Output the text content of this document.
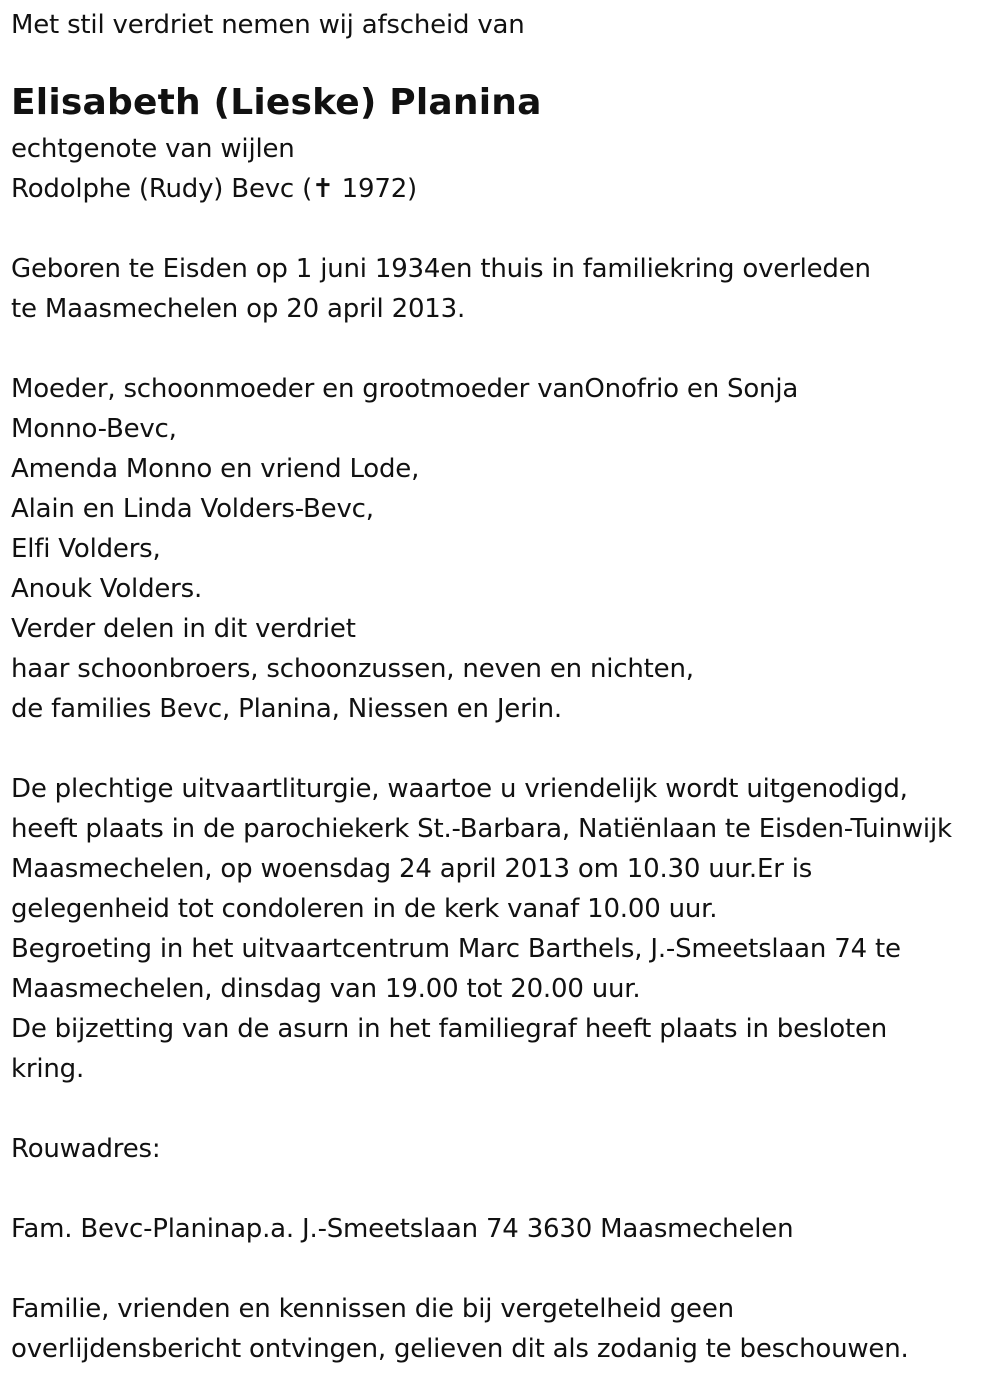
Met stil verdriet nemen wij afscheid van
Elisabeth (Lieske) Planina
echtgenote van wijlen
Rodolphe (Rudy) Bevc (✝ 1972)
Geboren te Eisden op 1 juni 1934en thuis in familiekring overleden
te Maasmechelen op 20 april 2013.
Moeder, schoonmoeder en grootmoeder vanOnofrio en Sonja
Monno-Bevc,
Amenda Monno en vriend Lode,
Alain en Linda Volders-Bevc,
Elfi Volders,
Anouk Volders.
Verder delen in dit verdriet
haar schoonbroers, schoonzussen, neven en nichten,
de families Bevc, Planina, Niessen en Jerin.
De plechtige uitvaartliturgie, waartoe u vriendelijk wordt uitgenodigd,
heeft plaats in de parochiekerk St.-Barbara, Natiënlaan te Eisden-Tuinwijk
Maasmechelen, op woensdag 24 april 2013 om 10.30 uur.Er is
gelegenheid tot condoleren in de kerk vanaf 10.00 uur.
Begroeting in het uitvaartcentrum Marc Barthels, J.-Smeetslaan 74 te
Maasmechelen, dinsdag van 19.00 tot 20.00 uur.
De bijzetting van de asurn in het familiegraf heeft plaats in besloten
kring.
Rouwadres:
Fam. Bevc-Planinap.a. J.-Smeetslaan 74 3630 Maasmechelen
Familie, vrienden en kennissen die bij vergetelheid geen
overlijdensbericht ontvingen, gelieven dit als zodanig te beschouwen.
